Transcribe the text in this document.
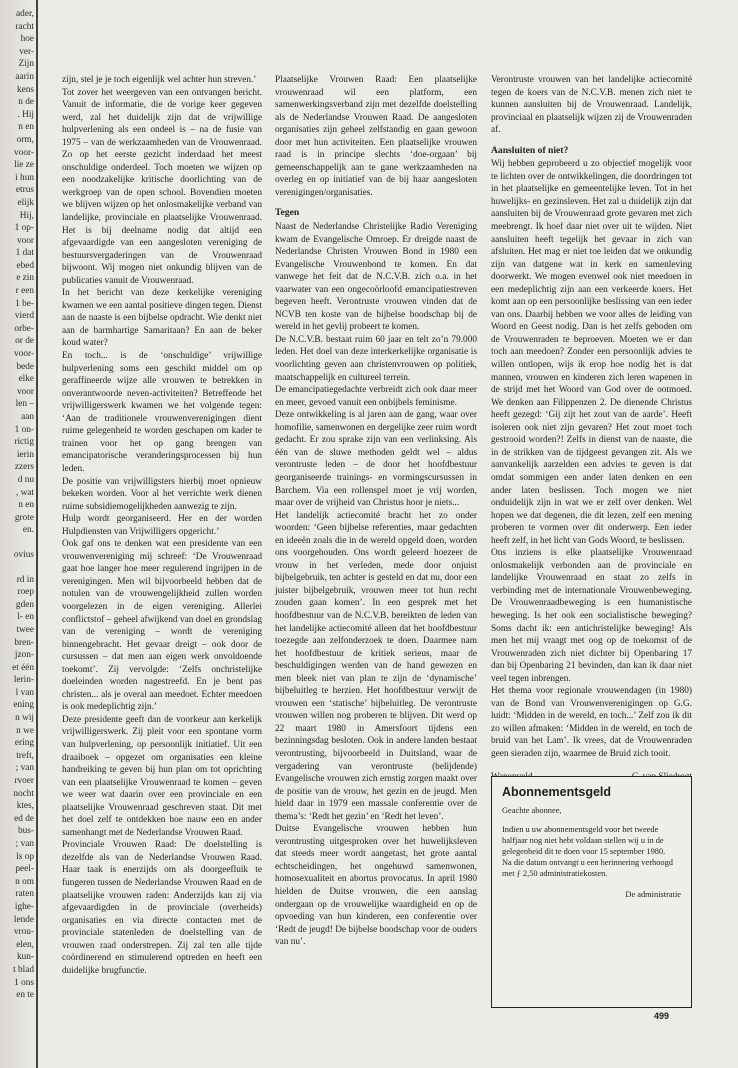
ader,

racht

hoe

ver-

Zijn

aarin

kens

n de

. Hij

n en

orm,

voor-

lie ze

i hun

etrus

elijk

Hij,

1 op-

voor

1 dat

ebed

e zin

r een

1 be-

vierd

orbe-

or de

voor-

bede

elke

voor

len –

aan

1 on-

rictig

ierin

zzers

d nu

, wat

n en

grote

en.

ovius

rd in

roep

gden

l- en

twee

bren-

jzon-

et één

lerin-

l van

ening

n wij

n we

ering

treft,

; van

rvoer

nocht

ktes,

ed de

bus-

; van

ls op

peel-

n om

raten

ighe-

lende

vrou-

elen,

kun-

t blad

1 ons

en te

zijn, stel je je toch eigenlijk wel achter hun streven.’

Tot zover het weergeven van een ontvangen bericht. Vanuit de informatie, die de vorige keer gegeven werd, zal het duidelijk zijn dat de vrijwillige hulpverlening als een ondeel is – na de fusie van 1975 – van de werkzaamheden van de Vrouwenraad. Zo op het eerste gezicht inderdaad het meest onschuldige onderdeel. Toch moeten we wijzen op een noodzakelijke kritische doorlichting van de werkgroep van de open school. Bovendien moeten we blijven wijzen op het onlosmakelijke verband van landelijke, provinciale en plaatselijke Vrouwenraad. Het is bij deelname nodig dat altijd een afgevaardigde van een aangesloten vereniging de bestuursvergaderingen van de Vrouwenraad bijwoont. Wij mogen niet onkundig blijven van de publicaties vanuit de Vrouwenraad.

In het bericht van deze kerkelijke vereniging kwamen we een aantal positieve dingen tegen. Dienst aan de naaste is een bijbelse opdracht. Wie denkt niet aan de barmhartige Samaritaan? En aan de beker koud water?

En toch... is de ‘onschuldige’ vrijwillige hulpverlening soms een geschikt middel om op geraffineerde wijze alle vrouwen te betrekken in onverantwoorde neven-activiteiten? Betreffende het vrijwilligerswerk kwamen we het volgende tegen: ‘Aan de traditionele vrouwenverenigingen dient ruime gelegenheid te worden geschapen om kader te trainen voor het op gang brengen van emancipatorische veranderingsprocessen bij hun leden.

De positie van vrijwilligsters hierbij moet opnieuw bekeken worden. Voor al het verrichte werk dienen ruime subsidiemogelijkheden aanwezig te zijn.

Hulp wordt georganiseerd. Her en der worden Hulpdiensten van Vrijwilligers opgericht.’

Ook gaf ons te denken wat een presidente van een vrouwenvereniging mij schreef: ‘De Vrouwenraad gaat hoe langer hoe meer regulerend ingrijpen in de verenigingen. Men wil bijvoorbeeld hebben dat de notulen van de vrouwengelijkheid zullen worden voorgelezen in de eigen vereniging. Allerlei conflictstof – geheel afwijkend van doel en grondslag van de vereniging – wordt de vereniging binnengebracht. Het gevaar dreigt – ook door de cursussen – dat men aan eigen werk onvoldoende toekomt’. Zij vervolgde: ‘Zelfs onchristelijke doeleinden worden nagestreefd. En je bent pas christen... als je overal aan meedoet. Echter meedoen is ook medeplichtig zijn.’

Deze presidente geeft dan de voorkeur aan kerkelijk vrijwilligerswerk. Zij pleit voor een spontane vorm van hulpverlening, op persoonlijk initiatief. Uit een draaiboek – opgezet om organisaties een kleine handreiking te geven bij hun plan om tot oprichting van een plaatselijke Vrouwenraad te komen – geven we weer wat daarin over een provinciale en een plaatselijke Vrouwenraad geschreven staat. Dit met het doel zelf te ontdekken hoe nauw een en ander samenhangt met de Nederlandse Vrouwen Raad.

Provinciale Vrouwen Raad: De doelstelling is dezelfde als van de Nederlandse Vrouwen Raad. Haar taak is enerzijds om als doorgeefluik te fungeren tussen de Nederlandse Vrouwen Raad en de plaatselijke vrouwen raden: Anderzijds kan zij via afgevaardigden in de provinciale (overheids) organisaties en via directe contacten met de provinciale statenleden de doelstelling van de vrouwen raad onderstrepen. Zij zal ten alle tijde coördinerend en stimulerend optreden en heeft een duidelijke brugfunctie.

Plaatselijke Vrouwen Raad: Een plaatselijke vrouwenraad wil een platform, een samenwerkingsverband zijn met dezelfde doelstelling als de Nederlandse Vrouwen Raad. De aangesloten organisaties zijn geheel zelfstandig en gaan gewoon door met hun activiteiten. Een plaatselijke vrouwen raad is in principe slechts ‘doe-orgaan’ bij gemeenschappelijk aan te gane werkzaamheden na overleg en op initiatief van de bij haar aangesloten verenigingen/organisaties.

Tegen

Naast de Nederlandse Christelijke Radio Vereniging kwam de Evangelische Omroep. Er dreigde naast de Nederlandse Christen Vrouwen Bond in 1980 een Evangelische Vrouwenbond te komen. En dat vanwege het feit dat de N.C.V.B. zich o.a. in het vaarwater van een ongecoörloofd emancipatiestreven begeven heeft. Verontruste vrouwen vinden dat de NCVB ten koste van de bijbelse boodschap bij de wereld in het gevlij probeert te komen.

De N.C.V.B. bestaat ruim 60 jaar en telt zo’n 79.000 leden. Het doel van deze interkerkelijke organisatie is voorlichting geven aan christenvrouwen op politiek, maatschappelijk en cultureel terrein.

De emancipatiegedachte verbreidt zich ook daar meer en meer, gevoed vanuit een onbijbels feminisme.

Deze ontwikkeling is al jaren aan de gang, waar over homofilie, samenwonen en dergelijke zeer ruim wordt gedacht. Er zou sprake zijn van een verlinksing. Als één van de sluwe methoden geldt wel – aldus verontruste leden – de door het hoofdbestuur georganiseerde trainings- en vormingscursussen in Barchem. Via een rollenspel moet je vrij worden, maar over de vrijheid van Christus hoor je niets...

Het landelijk actiecomité bracht het zo onder woorden: ‘Geen bijbelse referenties, maar gedachten en ideeën zoals die in de wereld opgeld doen, worden ons voorgehouden. Ons wordt geleerd hoezeer de vrouw in het verleden, mede door onjuist bijbelgebruik, ten achter is gesteld en dat nu, door een juister bijbelgebruik, vrouwen meer tot hun recht zouden gaan komen’. In een gesprek met het hoofdbestuur van de N.C.V.B. bereikten de leden van het landelijke actiecomité alleen dat het hoofdbestuur toezegde aan zelfonderzoek te doen. Daarmee nam het hoofdbestuur de kritiek serieus, maar de beschuldigingen werden van de hand gewezen en men bleek niet van plan te zijn de ‘dynamische’ bijbeluitleg te herzien. Het hoofdbestuur verwijt de vrouwen een ‘statische’ bijbeluitleg. De verontruste vrouwen willen nog proberen te blijven. Dit werd op 22 maart 1980 in Amersfoort tijdens een bezinningsdag besloten. Ook in andere landen bestaat verontrusting, bijvoorbeeld in Duitsland, waar de vergadering van verontruste (belijdende) Evangelische vrouwen zich ernstig zorgen maakt over de positie van de vrouw, het gezin en de jeugd. Men hield daar in 1979 een massale conferentie over de thema’s: ‘Redt het gezin’ en ‘Redt het leven’.

Duitse Evangelische vrouwen hebben hun verontrusting uitgesproken over het huwelijksleven dat steeds meer wordt aangetast, het grote aantal echtscheidingen, het ongehuwd samenwonen, homosexualiteit en abortus provocatus. In april 1980 hielden de Duitse vrouwen, die een aanslag ondergaan op de vrouwelijke waardigheid en op de opvoeding van hun kinderen, een conferentie over ‘Redt de jeugd! De bijbelse boodschap voor de ouders van nu’.

Verontruste vrouwen van het landelijke actiecomité tegen de koers van de N.C.V.B. menen zich niet te kunnen aansluiten bij de Vrouwenraad. Landelijk, provinciaal en plaatselijk wijzen zij de Vrouwenraden af.

Aansluiten of niet?

Wij hebben geprobeerd u zo objectief mogelijk voor te lichten over de ontwikkelingen, die doordringen tot in het plaatselijke en gemeentelijke leven. Tot in het huwelijks- en gezinsleven. Het zal u duidelijk zijn dat aansluiten bij de Vrouwenraad grote gevaren met zich meebrengt. Ik hoef daar niet over uit te wijden. Niet aansluiten heeft tegelijk het gevaar in zich van afsluiten. Het mag er niet toe leiden dat we onkundig zijn van datgene wat in kerk en samenleving doorwerkt. We mogen evenwel ook niet meedoen in een medeplichtig zijn aan een verkeerde koers. Het komt aan op een persoonlijke beslissing van een ieder van ons. Daarbij hebben we voor alles de leiding van Woord en Geest nodig. Dan is het zelfs geboden om de Vrouwenraden te beproeven. Moeten we er dan toch aan meedoen? Zonder een persoonlijk advies te willen ontlopen, wijs ik erop hoe nodig het is dat mannen, vrouwen en kinderen zich leren wapenen in de strijd met het Woord van God over de ootmoed. We denken aan Filippenzen 2. De dienende Christus heeft gezegd: ‘Gij zijt het zout van de aarde’. Heeft isoleren ook niet zijn gevaren? Het zout moet toch gestrooid worden?! Zelfs in dienst van de naaste, die in de strikken van de tijdgeest gevangen zit. Als we aanvankelijk aarzelden een advies te geven is dat omdat sommigen een ander laten denken en een ander laten beslissen. Toch mogen we niet onduidelijk zijn in wat we er zelf over denken. Wel hopen we dat degenen, die dit lezen, zelf een mening proberen te vormen over dit onderwerp. Een ieder heeft zelf, in het licht van Gods Woord, te beslissen.

Ons inziens is elke plaatselijke Vrouwenraad onlosmakelijk verbonden aan de provinciale en landelijke Vrouwenraad en staat zo zelfs in verbinding met de internationale Vrouwenbeweging. De Vrouwenraadbeweging is een humanistische beweging. Is het ook een socialistische beweging? Soms dacht ik: een antichristelijke beweging! Als men het mij vraagt met oog op de toekomst of de Vrouwenraden zich niet dichter bij Openbaring 17 dan bij Openbaring 21 bevinden, dan kan ik daar niet veel tegen inbrengen.

Het thema voor regionale vrouwendagen (in 1980) van de Bond van Vrouwenverenigingen op G.G. luidt: ‘Midden in de wereld, en toch...’ Zelf zou ik dit zo willen afmaken: ‘Midden in de wereld, en toch de bruid van het Lam’. Ik vrees, dat de Vrouwenraden geen sieraden zijn, waarmee de Bruid zich tooit.

Abonnementsgeld

Geachte abonnee,

Indien u uw abonnementsgeld voor het tweede halfjaar nog niet hebt voldaan stellen wij u in de gelegenheid dit te doen voor 15 september 1980.

Na die datum ontvangt u een herinnering verhoogd met ƒ 2,50 administratiekosten.

De administratie

499
